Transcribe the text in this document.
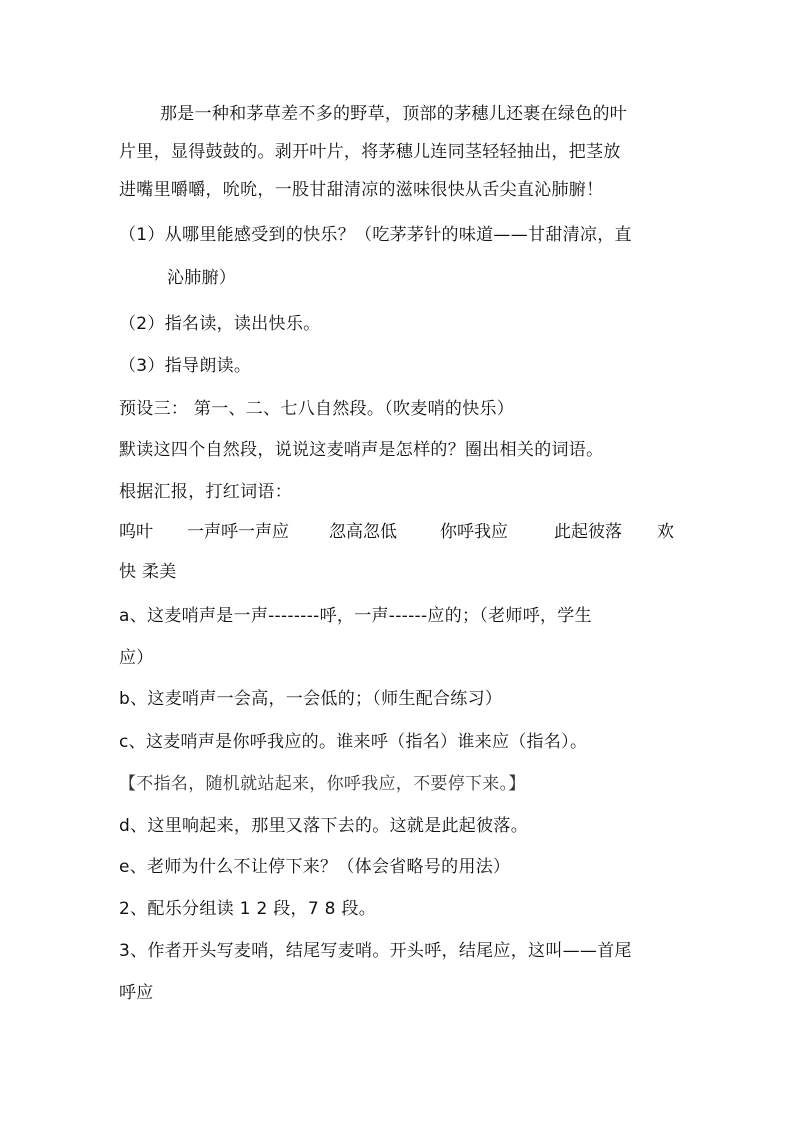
那是一种和茅草差不多的野草，顶部的茅穗儿还裹在绿色的叶
片里，显得鼓鼓的。剥开叶片，将茅穗儿连同茎轻轻抽出，把茎放
进嘴里嚼嚼，吮吮，一股甘甜清凉的滋味很快从舌尖直沁肺腑！
（1）从哪里能感受到的快乐？（吃茅茅针的味道——甘甜清凉，直
沁肺腑）
（2）指名读，读出快乐。
（3）指导朗读。
预设三： 第一、二、七八自然段。（吹麦哨的快乐）
默读这四个自然段，说说这麦哨声是怎样的？圈出相关的词语。
根据汇报，打红词语：
呜叶 一声呼一声应 忽高忽低	你呼我应	此起彼落 欢
快 柔美
a、这麦哨声是一声--------呼，一声------应的；（老师呼，学生
应）
b、这麦哨声一会高，一会低的；（师生配合练习）
c、这麦哨声是你呼我应的。谁来呼（指名）谁来应（指名）。
【不指名，随机就站起来，你呼我应，不要停下来。】
d、这里响起来，那里又落下去的。这就是此起彼落。
e、老师为什么不让停下来？（体会省略号的用法）
2、配乐分组读 1 2 段，7 8 段。
3、作者开头写麦哨，结尾写麦哨。开头呼，结尾应，这叫——首尾
呼应
